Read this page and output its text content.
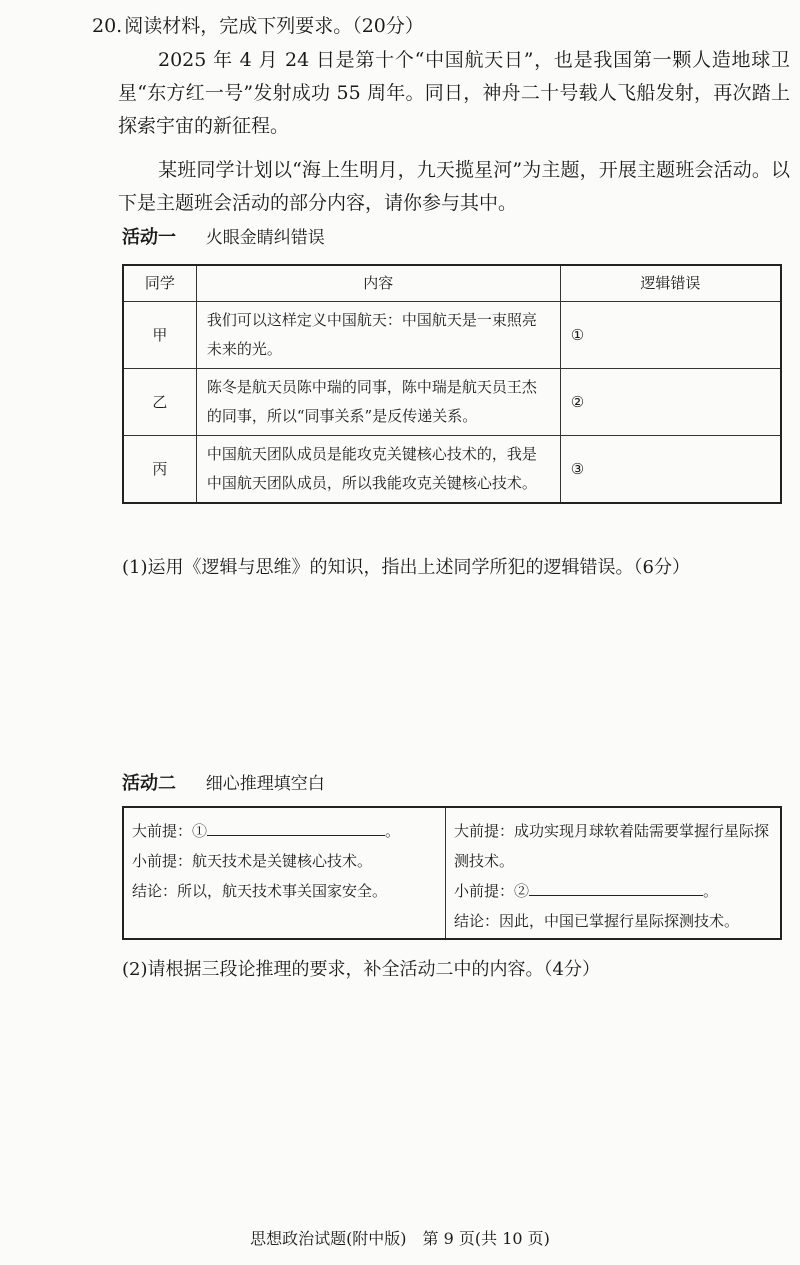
20. 阅读材料，完成下列要求。（20分）
2025 年 4 月 24 日是第十个“中国航天日”，也是我国第一颗人造地球卫星“东方红一号”发射成功 55 周年。同日，神舟二十号载人飞船发射，再次踏上探索宇宙的新征程。
某班同学计划以“海上生明月，九天揽星河”为主题，开展主题班会活动。以下是主题班会活动的部分内容，请你参与其中。
活动一 火眼金睛纠错误
同学	内容	逻辑错误
甲	我们可以这样定义中国航天：中国航天是一束照亮未来的光。	①
乙	陈冬是航天员陈中瑞的同事，陈中瑞是航天员王杰的同事，所以“同事关系”是反传递关系。	②
丙	中国航天团队成员是能攻克关键核心技术的，我是中国航天团队成员，所以我能攻克关键核心技术。	③
(1)运用《逻辑与思维》的知识，指出上述同学所犯的逻辑错误。（6分）
活动二 细心推理填空白
大前提：①	。
小前提：航天技术是关键核心技术。
结论：所以，航天技术事关国家安全。
大前提：成功实现月球软着陆需要掌握行星际探测技术。
小前提：②	。
结论：因此，中国已掌握行星际探测技术。
(2)请根据三段论推理的要求，补全活动二中的内容。（4分）
思想政治试题(附中版)　第 9 页(共 10 页)
